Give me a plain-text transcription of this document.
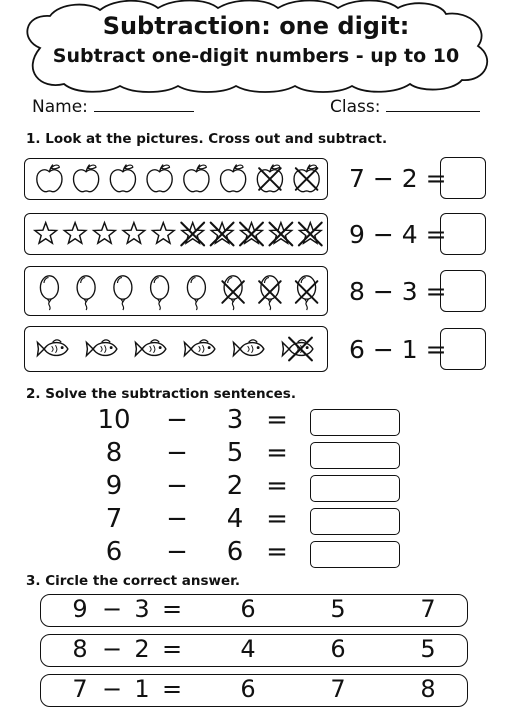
Subtraction: one digit:
Subtract one-digit numbers - up to 10
Name:	Class:
1. Look at the pictures. Cross out and subtract.
7 − 2 =
9 − 4 =
8 − 3 =
6 − 1 =
2. Solve the subtraction sentences.
10	−	3 =
8	−	5 =
9	−	2 =
7	−	4 =
6	−	6 =
3. Circle the correct answer.
9 − 3 =	6	5	7
8 − 2 =	4	6	5
7 − 1 =	6	7	8
